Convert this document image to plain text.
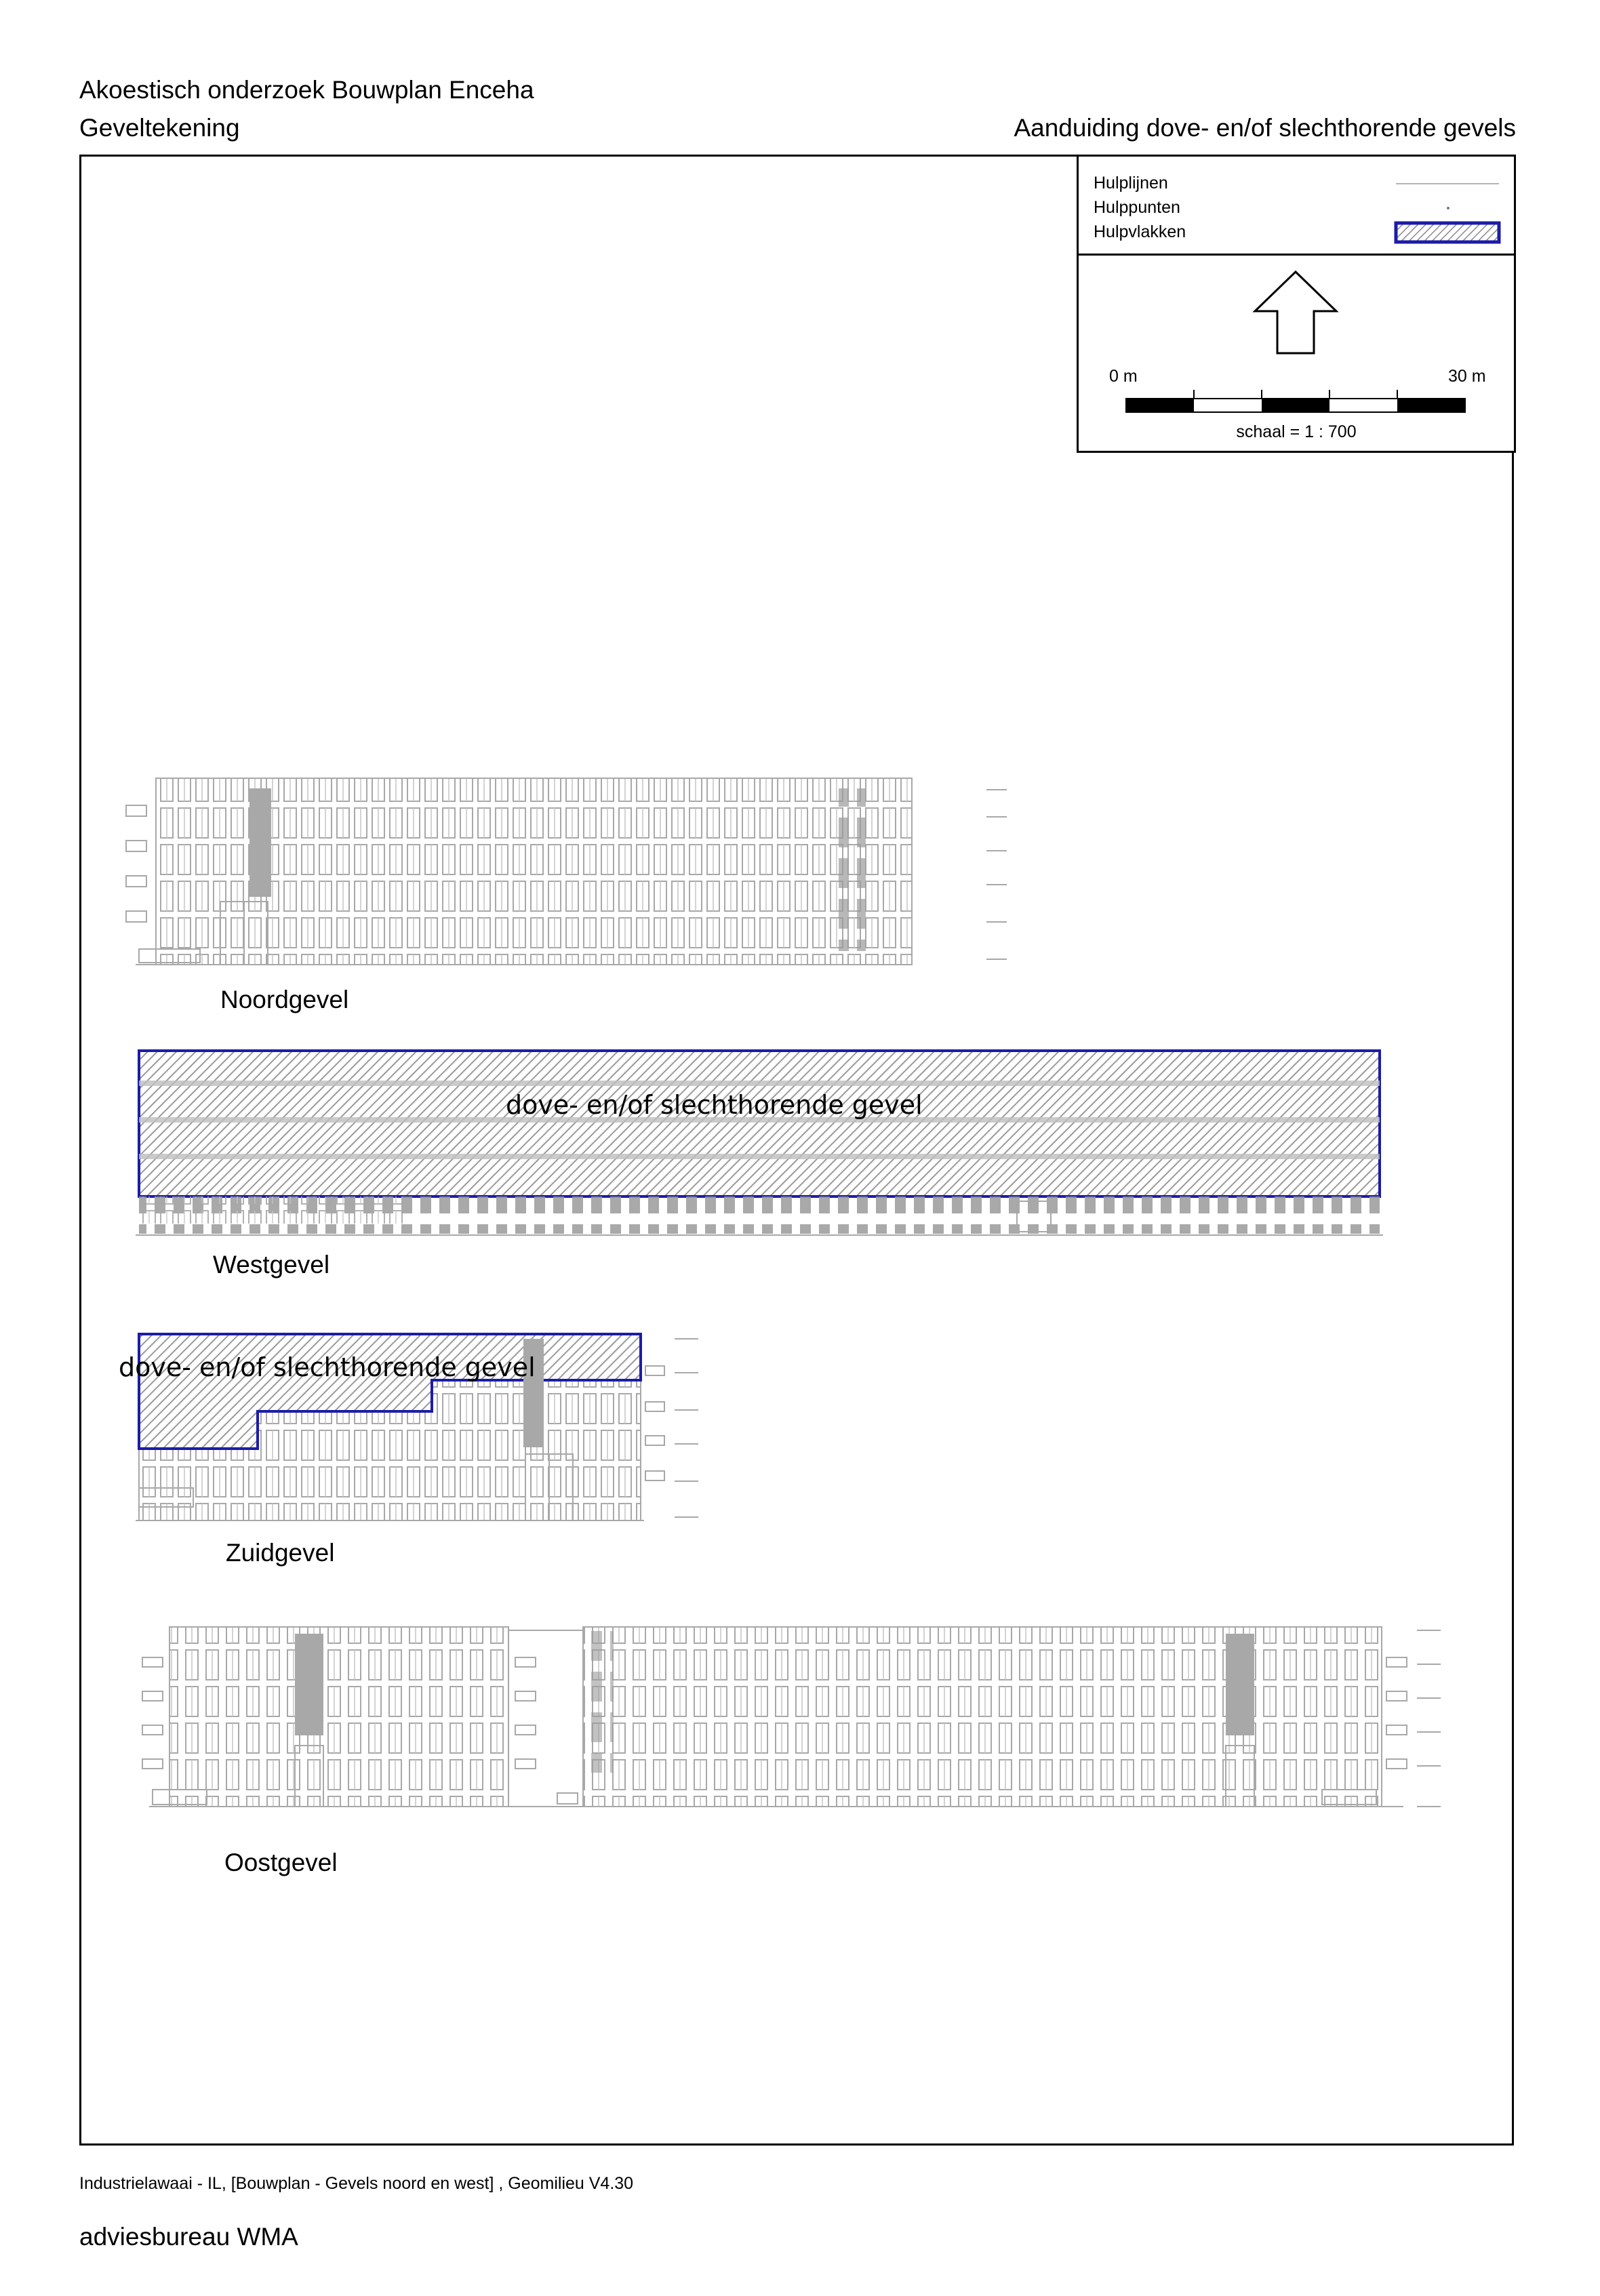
Akoestisch onderzoek Bouwplan Enceha
Geveltekening	Aanduiding dove- en/of slechthorende gevels
Hulplijnen
Hulppunten
Hulpvlakken
0 m	30 m
schaal = 1 : 700
Noordgevel
Westgevel
Zuidgevel
Oostgevel
dove- en/of slechthorende gevel
dove- en/of slechthorende gevel
Industrielawaai - IL, [Bouwplan - Gevels noord en west] , Geomilieu V4.30
adviesbureau WMA
